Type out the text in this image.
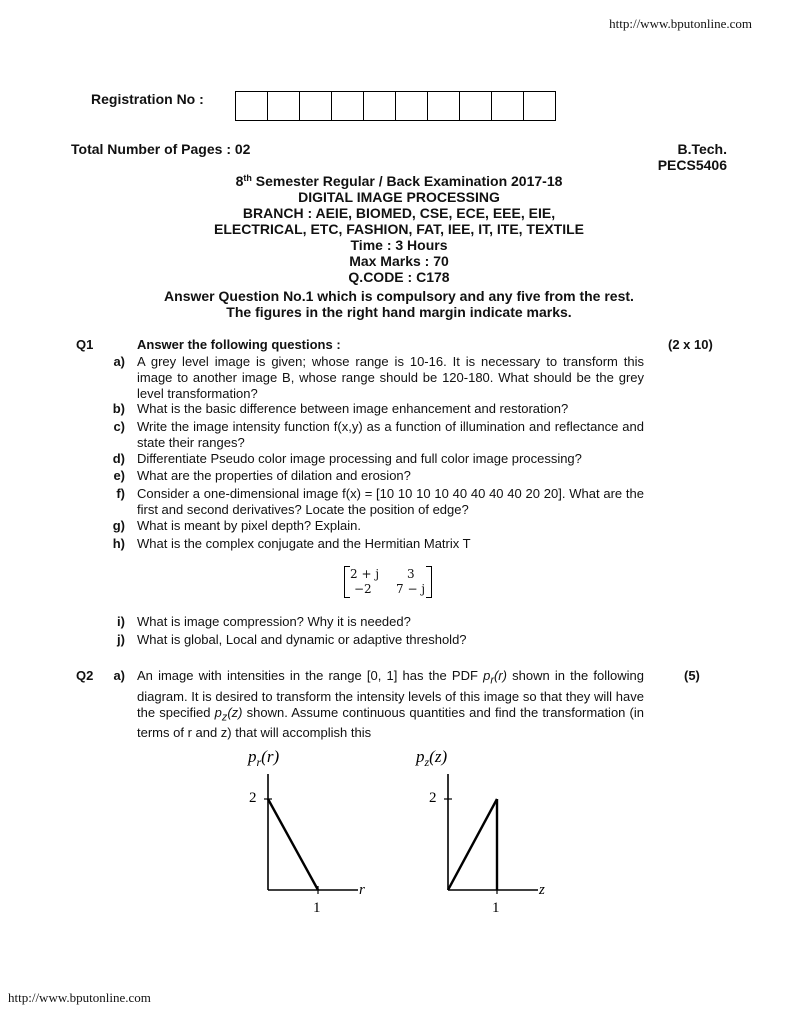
http://www.bputonline.com
Registration No :
Total Number of Pages : 02	B.Tech.
PECS5406
8th Semester Regular / Back Examination 2017-18
DIGITAL IMAGE PROCESSING
BRANCH : AEIE, BIOMED, CSE, ECE, EEE, EIE,
ELECTRICAL, ETC, FASHION, FAT, IEE, IT, ITE, TEXTILE
Time : 3 Hours
Max Marks : 70
Q.CODE : C178
Answer Question No.1 which is compulsory and any five from the rest.
The figures in the right hand margin indicate marks.
Q1	Answer the following questions :	(2 x 10)
a) A grey level image is given; whose range is 10-16. It is necessary to transform this image to another image B, whose range should be 120-180. What should be the grey level transformation?
b) What is the basic difference between image enhancement and restoration?
c) Write the image intensity function f(x,y) as a function of illumination and reflectance and state their ranges?
d) Differentiate Pseudo color image processing and full color image processing?
e) What are the properties of dilation and erosion?
f) Consider a one-dimensional image f(x) = [10 10 10 10 40 40 40 40 20 20]. What are the first and second derivatives? Locate the position of edge?
g) What is meant by pixel depth? Explain.
h) What is the complex conjugate and the Hermitian Matrix T
2 + j 3
−2 7 − j
i) What is image compression? Why it is needed?
j) What is global, Local and dynamic or adaptive threshold?
Q2	a) An image with intensities in the range [0, 1] has the PDF $p_r(r)$ shown in the following diagram. It is desired to transform the intensity levels of this image so that they will have the specified $p_z(z)$ shown. Assume continuous quantities and find the transformation (in terms of r and z) that will accomplish this
(5)
$p_r(r)$
2
1
r
$p_z(z)$
2
1
z
http://www.bputonline.com
